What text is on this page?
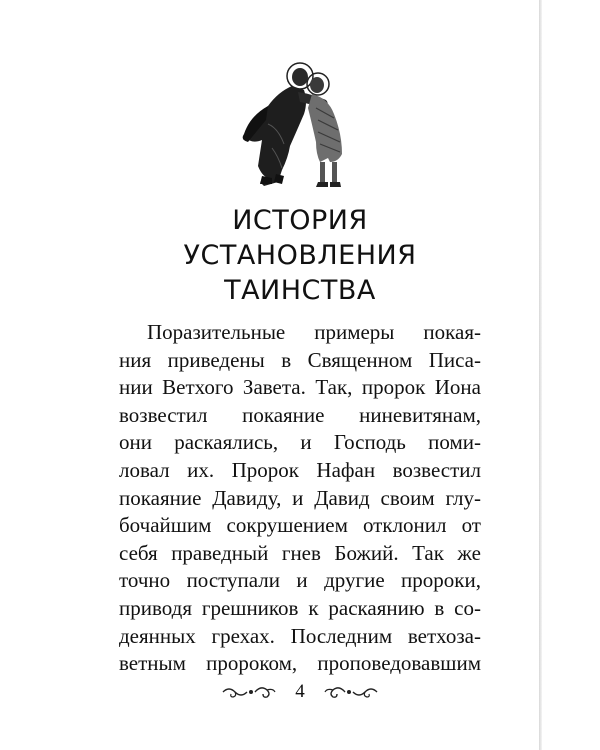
ИСТОРИЯ
УСТАНОВЛЕНИЯ
ТАИНСТВА
Поразительные примеры покая-
ния приведены в Священном Писа-
нии Ветхого Завета. Так, пророк Иона
возвестил покаяние ниневитянам,
они раскаялись, и Господь поми-
ловал их. Пророк Нафан возвестил
покаяние Давиду, и Давид своим глу-
бочайшим сокрушением отклонил от
себя праведный гнев Божий. Так же
точно поступали и другие пророки,
приводя грешников к раскаянию в со-
деянных грехах. Последним ветхоза-
ветным пророком, проповедовавшим
4
